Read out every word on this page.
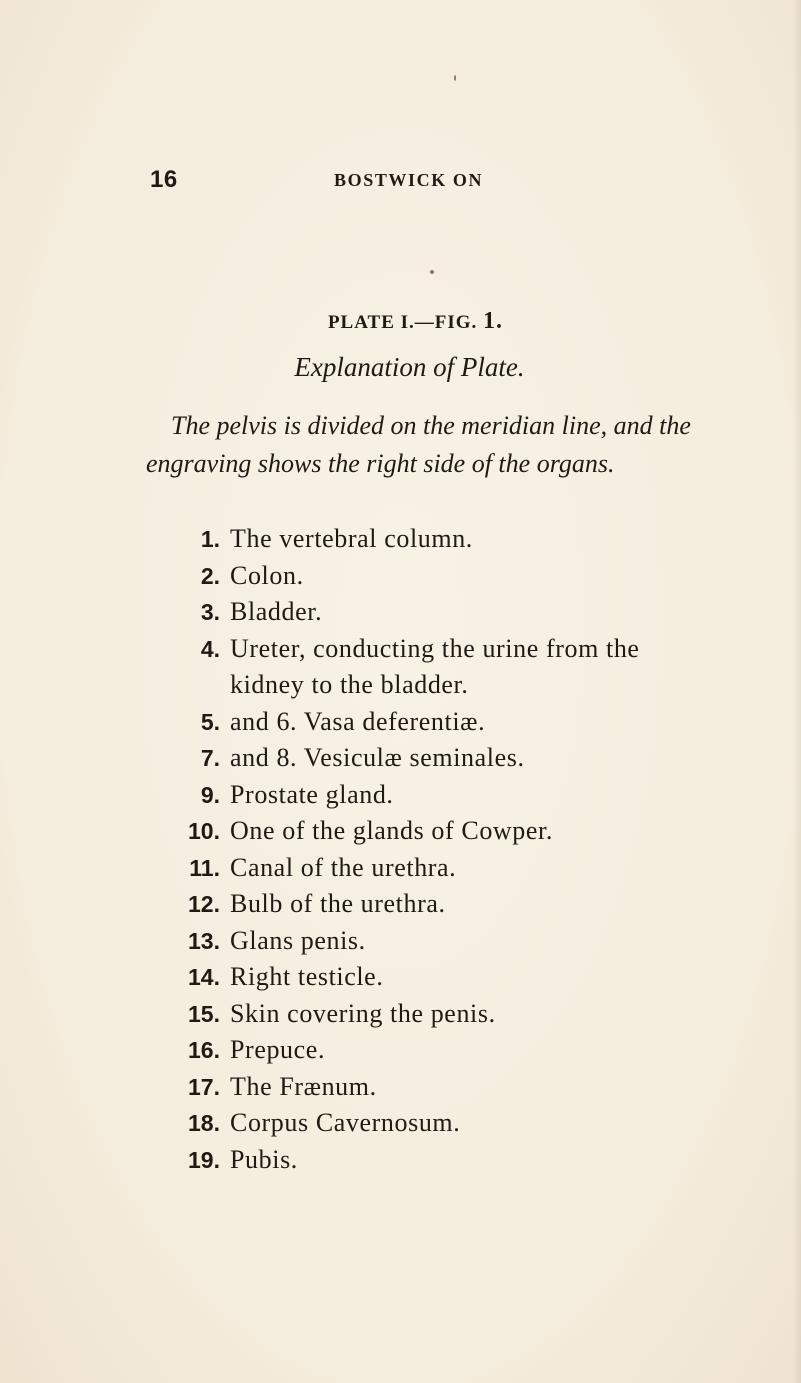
16	BOSTWICK ON
PLATE I.—FIG. 1.
Explanation of Plate.
The pelvis is divided on the meridian line, and the
engraving shows the right side of the organs.
1. The vertebral column.
2. Colon.
3. Bladder.
4. Ureter, conducting the urine from the
kidney to the bladder.
5. and 6. Vasa deferentiæ.
7. and 8. Vesiculæ seminales.
9. Prostate gland.
10. One of the glands of Cowper.
11. Canal of the urethra.
12. Bulb of the urethra.
13. Glans penis.
14. Right testicle.
15. Skin covering the penis.
16. Prepuce.
17. The Frænum.
18. Corpus Cavernosum.
19. Pubis.
